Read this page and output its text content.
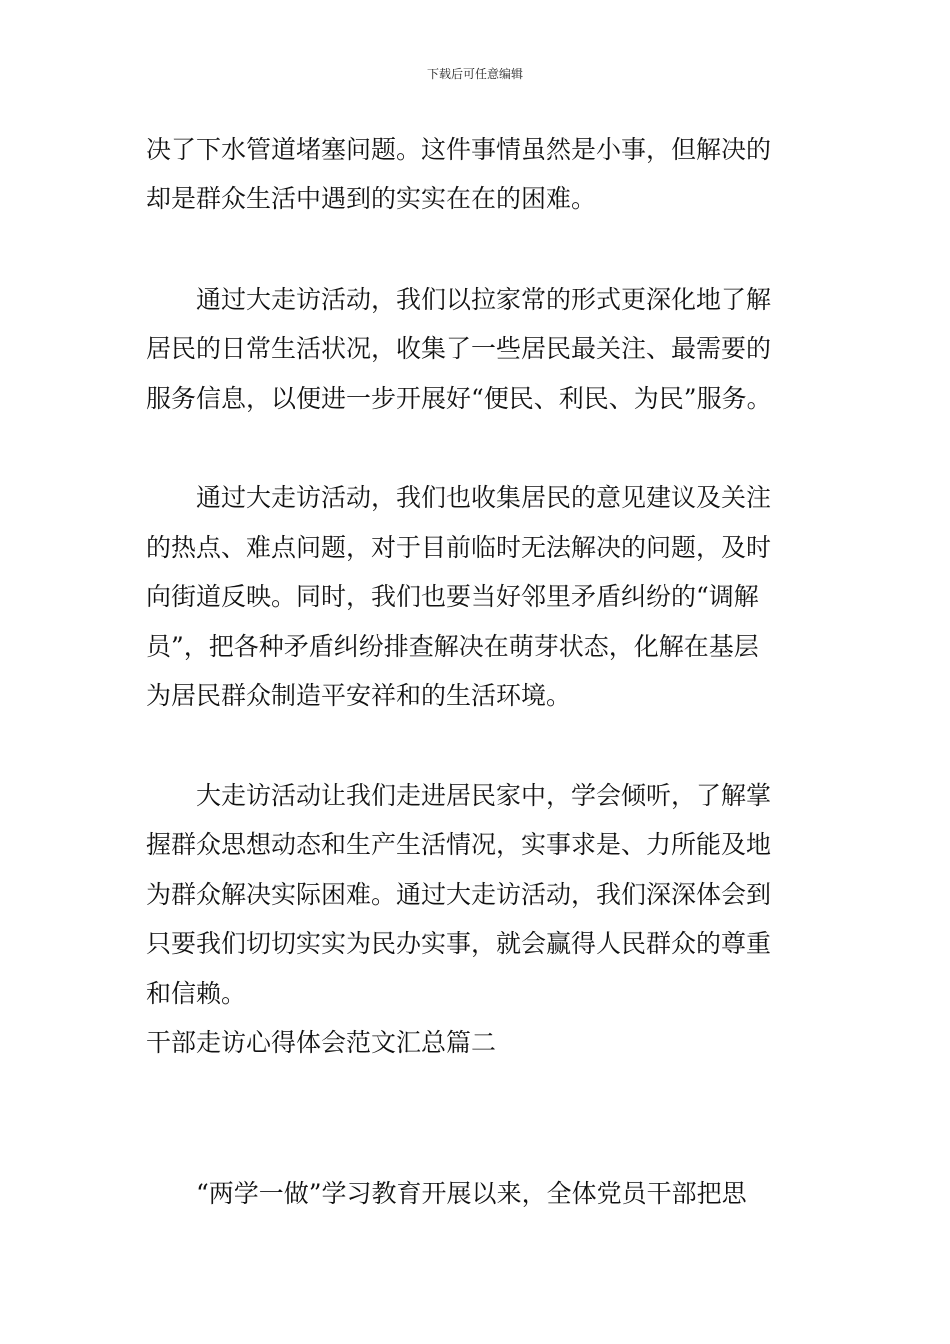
下载后可任意编辑
决了下水管道堵塞问题。这件事情虽然是小事，但解决的
却是群众生活中遇到的实实在在的困难。
通过大走访活动，我们以拉家常的形式更深化地了解
居民的日常生活状况，收集了一些居民最关注、最需要的
服务信息，以便进一步开展好“便民、利民、为民”服务。
通过大走访活动，我们也收集居民的意见建议及关注
的热点、难点问题，对于目前临时无法解决的问题，及时
向街道反映。同时，我们也要当好邻里矛盾纠纷的“调解
员”，把各种矛盾纠纷排查解决在萌芽状态，化解在基层
为居民群众制造平安祥和的生活环境。
大走访活动让我们走进居民家中，学会倾听，了解掌
握群众思想动态和生产生活情况，实事求是、力所能及地
为群众解决实际困难。通过大走访活动，我们深深体会到
只要我们切切实实为民办实事，就会赢得人民群众的尊重
和信赖。
干部走访心得体会范文汇总篇二
“两学一做”学习教育开展以来，全体党员干部把思
